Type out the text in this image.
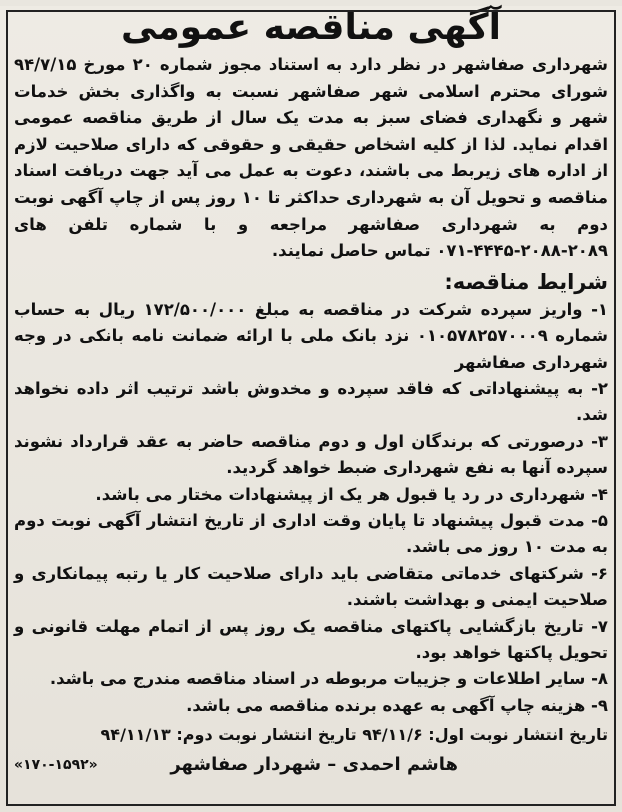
آگهی مناقصه عمومی

شهرداری صفاشهر در نظر دارد به استناد مجوز شماره ۲۰ مورخ ۹۴/۷/۱۵ شورای محترم اسلامی شهر صفاشهر نسبت به واگذاری بخش خدمات شهر و نگهداری فضای سبز به مدت یک سال از طریق مناقصه عمومی اقدام نماید. لذا از کلیه اشخاص حقیقی و حقوقی که دارای صلاحیت لازم از اداره های زیربط می باشند، دعوت به عمل می آید جهت دریافت اسناد مناقصه و تحویل آن به شهرداری حداکثر تا ۱۰ روز پس از چاپ آگهی نوبت دوم به شهرداری صفاشهر مراجعه و با شماره تلفن های ۲۰۸۹-۲۰۸۸-۴۴۴۵-۰۷۱ تماس حاصل نمایند.

شرایط مناقصه:
۱- واریز سپرده شرکت در مناقصه به مبلغ ۱۷۲/۵۰۰/۰۰۰ ریال به حساب شماره ۰۱۰۵۷۸۲۵۷۰۰۰۹ نزد بانک ملی با ارائه ضمانت نامه بانکی در وجه شهرداری صفاشهر
۲- به پیشنهاداتی که فاقد سپرده و مخدوش باشد ترتیب اثر داده نخواهد شد.
۳- درصورتی که برندگان اول و دوم مناقصه حاضر به عقد قرارداد نشوند سپرده آنها به نفع شهرداری ضبط خواهد گردید.
۴- شهرداری در رد یا قبول هر یک از پیشنهادات مختار می باشد.
۵- مدت قبول پیشنهاد تا پایان وقت اداری از تاریخ انتشار آگهی نوبت دوم به مدت ۱۰ روز می باشد.
۶- شرکتهای خدماتی متقاضی باید دارای صلاحیت کار یا رتبه پیمانکاری و صلاحیت ایمنی و بهداشت باشند.
۷- تاریخ بازگشایی پاکتهای مناقصه یک روز پس از اتمام مهلت قانونی و تحویل پاکتها خواهد بود.
۸- سایر اطلاعات و جزییات مربوطه در اسناد مناقصه مندرج می باشد.
۹- هزینه چاپ آگهی به عهده برنده مناقصه می باشد.
تاریخ انتشار نوبت اول: ۹۴/۱۱/۶ تاریخ انتشار نوبت دوم: ۹۴/۱۱/۱۳
هاشم احمدی – شهردار صفاشهر
«۱۷۰-۱۵۹۲»
